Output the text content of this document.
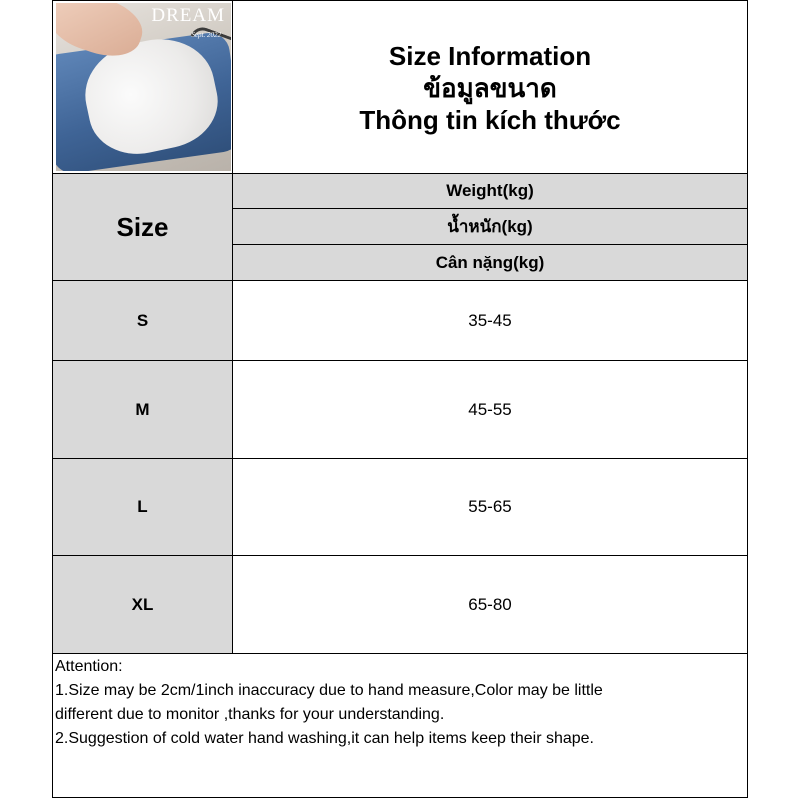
DREAM
Sept. 2022
Size Information
ข้อมูลขนาด
Thông tin kích thước
Size
Weight(kg)
น้ำหนัก(kg)
Cân nặng(kg)
S	35-45
M	45-55
L	55-65
XL	65-80
Attention:
1.Size may be 2cm/1inch inaccuracy due to hand measure,Color may be little
different due to monitor ,thanks for your understanding.
2.Suggestion of cold water hand washing,it can help items keep their shape.
